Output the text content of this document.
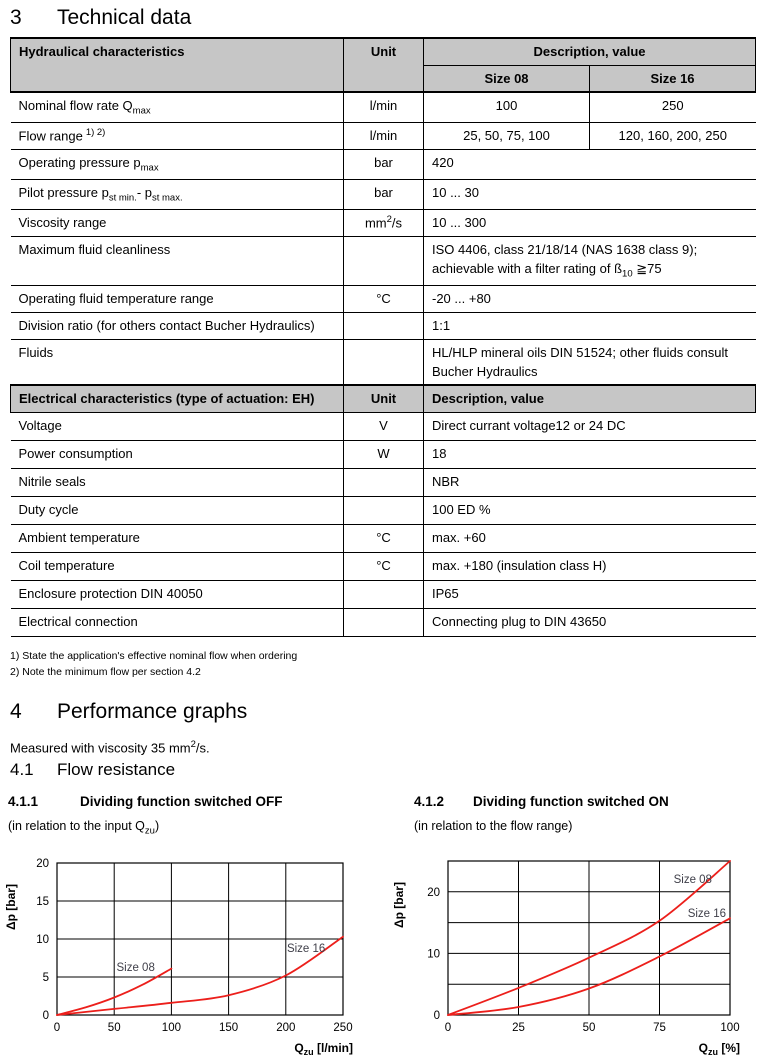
3 Technical data
Hydraulical characteristics	Unit	Description, value	
		Size 08	Size 16
Nominal flow rate $Q_{max}$	l/min	100	250
Flow range $^{1) 2)}$	l/min	25, 50, 75, 100	120, 160, 200, 250
Operating pressure $p_{max}$	bar	420	
Pilot pressure $p_{st min.}-$ $p_{st max.}$	bar	10 ... 30	
Viscosity range	$mm^2/s$	10 ... 300	
Maximum fluid cleanliness		ISO 4406, class 21/18/14 (NAS 1638 class 9);
achievable with a filter rating of $ß_{10}$ ≧75	
Operating fluid temperature range	°C	-20 ... +80	
Division ratio (for others contact Bucher Hydraulics)		1:1	
Fluids		HL/HLP mineral oils DIN 51524; other fluids consult Bucher Hydraulics	
Electrical characteristics (type of actuation: EH)	Unit	Description, value
Voltage	V	Direct currant voltage12 or 24 DC
Power consumption	W	18
Nitrile seals		NBR
Duty cycle		100 ED %
Ambient temperature	°C	max. +60
Coil temperature	°C	max. +180 (insulation class H)
Enclosure protection DIN 40050		IP65
Electrical connection		Connecting plug to DIN 43650
1) State the application's effective nominal flow when ordering
2) Note the minimum flow per section 4.2
4 Performance graphs
Measured with viscosity 35 $mm^2/s$.
4.1 Flow resistance
4.1.1	Dividing function switched OFF	4.1.2 Dividing function switched ON
(in relation to the input $Q_{zu}$)	(in relation to the flow range)
0	50	100	150	200	250
0
5
10
15
20
Δp [bar]
$Q_{zu}$ [l/min]
Size 08
Size 16
0	25	50	75	100
0
10
20
Δp [bar]
$Q_{zu}$ [%]
Size 08
Size 16
